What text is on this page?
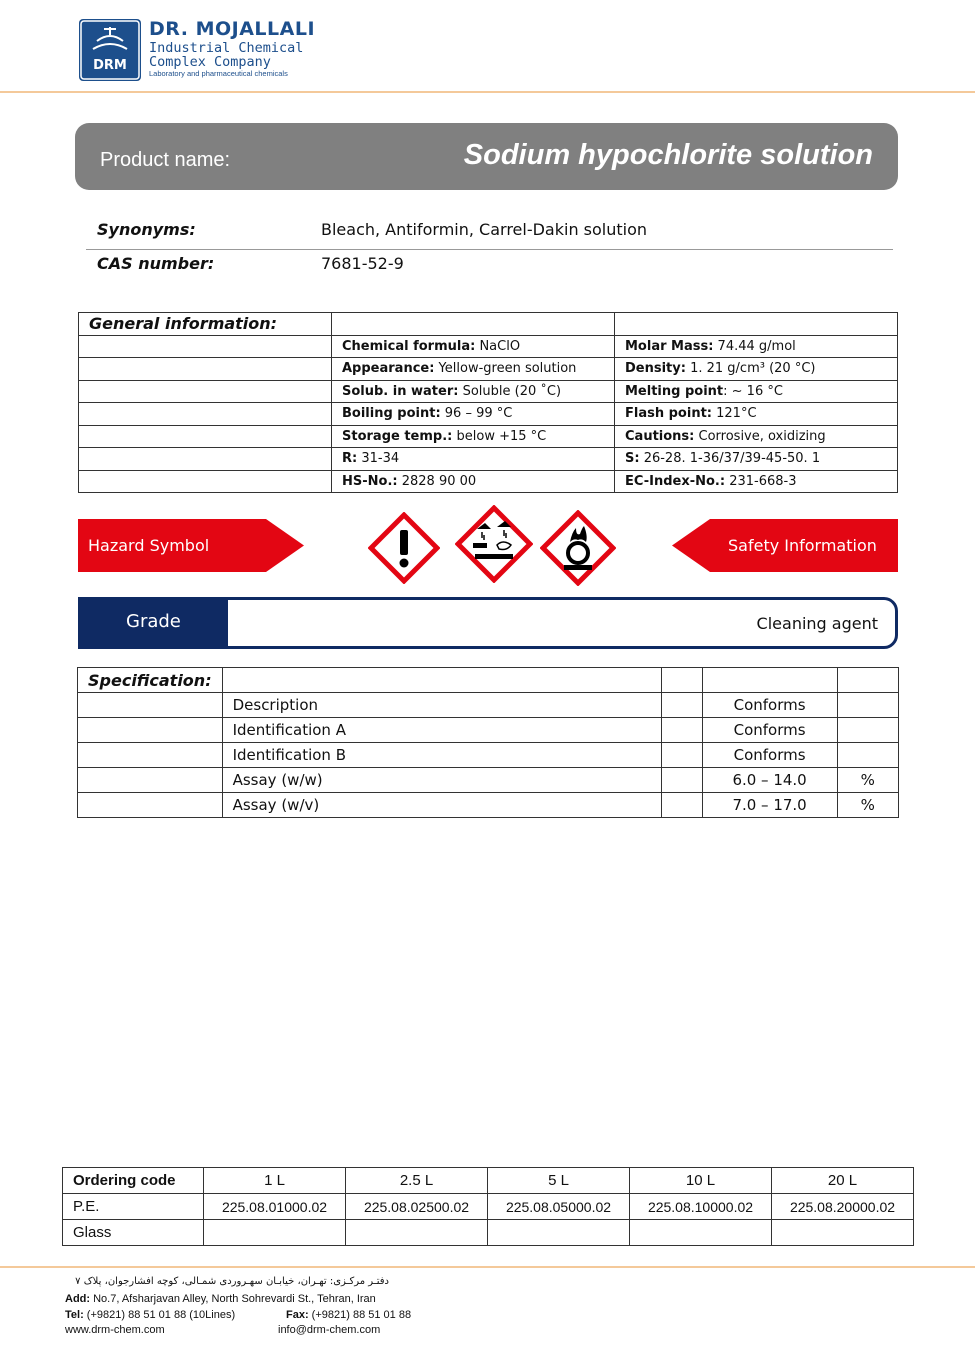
DRM
DR. MOJALLALI
Industrial Chemical
Complex Company
Laboratory and pharmaceutical chemicals
Product name:	Sodium hypochlorite solution
Synonyms:	Bleach, Antiformin, Carrel-Dakin solution
CAS number:	7681-52-9
General information:		
	Chemical formula: NaClO	Molar Mass: 74.44 g/mol
	Appearance: Yellow-green solution	Density: 1. 21 g/cm³ (20 °C)
	Solub. in water: Soluble (20 ˚C)	Melting point: ~ 16 °C
	Boiling point: 96 – 99 °C	Flash point: 121°C
	Storage temp.: below +15 °C	Cautions: Corrosive, oxidizing
	R: 31-34	S: 26-28. 1-36/37/39-45-50. 1
	HS-No.: 2828 90 00	EC-Index-No.: 231-668-3
Hazard Symbol	Safety Information
Grade	Cleaning agent
Specification:				
	Description		Conforms	
	Identification A		Conforms	
	Identification B		Conforms	
	Assay (w/w)		6.0 – 14.0	%
	Assay (w/v)		7.0 – 17.0	%
Ordering code	1 L	2.5 L	5 L	10 L	20 L
P.E.	225.08.01000.02	225.08.02500.02	225.08.05000.02	225.08.10000.02	225.08.20000.02
Glass					
دفتـر مرکـزی: تهـران، خیابـان سهـروردی شمـالی، کوچه افشارجوان، پلاک ۷
Add: No.7, Afsharjavan Alley, North Sohrevardi St., Tehran, Iran
Tel: (+9821) 88 51 01 88 (10Lines)	Fax: (+9821) 88 51 01 88
www.drm-chem.com	info@drm-chem.com
